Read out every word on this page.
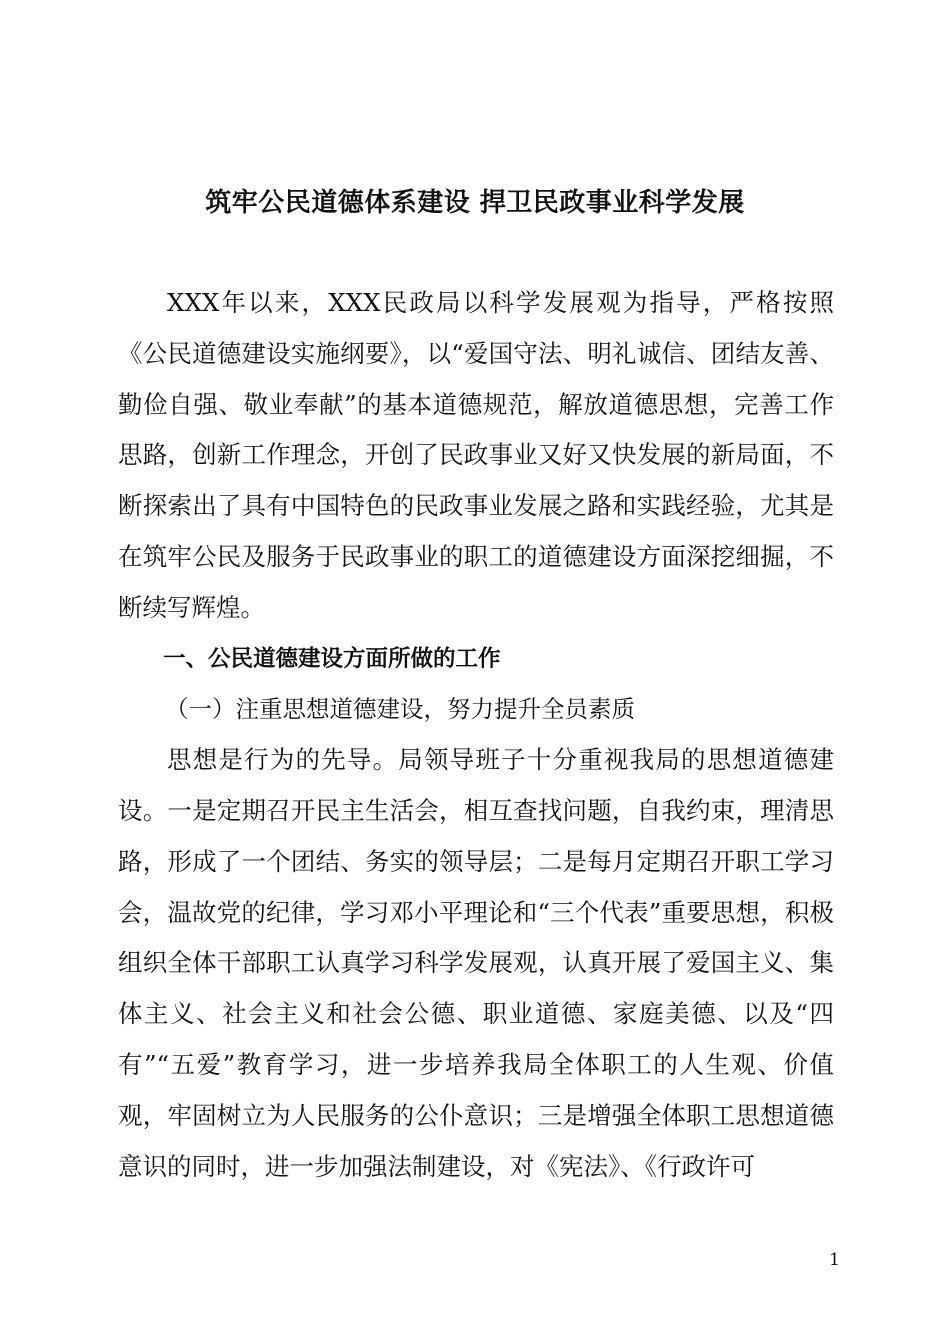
筑牢公民道德体系建设 捍卫民政事业科学发展

XXX年以来，XXX民政局以科学发展观为指导，严格按照《公民道德建设实施纲要》，以“爱国守法、明礼诚信、团结友善、勤俭自强、敬业奉献”的基本道德规范，解放道德思想，完善工作思路，创新工作理念，开创了民政事业又好又快发展的新局面，不断探索出了具有中国特色的民政事业发展之路和实践经验，尤其是在筑牢公民及服务于民政事业的职工的道德建设方面深挖细掘，不断续写辉煌。

一、公民道德建设方面所做的工作

（一）注重思想道德建设，努力提升全员素质

思想是行为的先导。局领导班子十分重视我局的思想道德建设。一是定期召开民主生活会，相互查找问题，自我约束，理清思路，形成了一个团结、务实的领导层；二是每月定期召开职工学习会，温故党的纪律，学习邓小平理论和“三个代表”重要思想，积极组织全体干部职工认真学习科学发展观，认真开展了爱国主义、集体主义、社会主义和社会公德、职业道德、家庭美德、以及“四有”“五爱”教育学习，进一步培养我局全体职工的人生观、价值观，牢固树立为人民服务的公仆意识；三是增强全体职工思想道德意识的同时，进一步加强法制建设，对《宪法》、《行政许可

1
